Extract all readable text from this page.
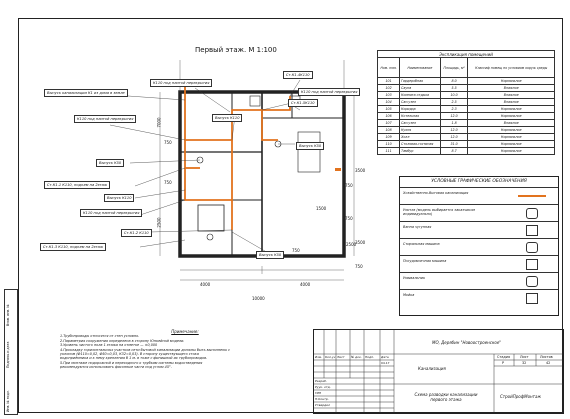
Взам. инв. №
Подпись и дата
Инв. № подл.
Первый этаж. М 1:100
4000	4000
10000
3500
3500
7000
2500
1500
2500
750
750
750
750
750
750
Выпуск канализации К1 из дома в земле
К110 под плитой перекрытия
Выпуск К110
Ст.К1-4К110
К110 под плитой перекрытия
Ст.К1-5К110
К110 под плитой перекрытия
Выпуск К50
Выпуск К50
Ст.К1-1 К110, подъем на 2этаж
Выпуск К110
К110 под плитой перекрытия
Ст.К1-2 К110
Ст.К1-3 К110, подъем на 2этаж
Выпуск К50
Экспликация помещений			
Ном. пом.	Наименование	Площадь, м²	Классиф помещ по условиям окруж среды
101	Гардеробная	8.0	Нормальное
102	Сауна	5.5	Влажное
103	Комната отдыха	10.0	Влажное
104	Сан.узел	2.5	Влажное
105	Коридор	2.3	Нормальное
106	Котельная	12.0	Нормальное
107	Сан.узел	1.8	Влажное
108	Кухня	12.0	Нормальное
109	Холл	12.0	Нормальное
110	Столовая-гостиная	31.0	Нормальное
111	Тамбур	8.7	Нормальное
УСЛОВНЫЕ ГРАФИЧЕСКИЕ ОБОЗНАЧЕНИЯ
Хозяйственно-бытовая канализация
Унитаз (модель выбирается заказчиком индивидуально)
Ванна чугунная
Стиральная машина
Посудомоечная машина
Умывальник
Мойка
Примечание:
1.Трубопроводы относятся от стен условно.
2.Параметрия сооружения определена в сторону Юнкейной модели.
3.Уровень чистого пола 1 этажа на отметке — ±0,000
4.Прокладку горизонтальных участков сети бытовой канализации должны быть выполнены с
уклоном (Ф110=0,02, Ф50=0,03, К32=0,03). В сторону существующего стока
водоприёмника и к нему крепления б 1 м. в тоже с финишной их трубопроводов.
5.При монтаже подорожной и переходного к трубкам системы водоотведения
рекомендуются использовать фасонные части под углом 45°.
МО, Дерябин "Новоостроенское"
Канализация
Схема разводки канализации первого этажа
СтройПрофМонтаж
Стадия	Лист	Листов
Р	32	42
04.17
Изм. Кол.уч Лист № док. Подп. Дата
Разраб.
Руук. отд.
ГИП
Н.Контр.
Утвердил
